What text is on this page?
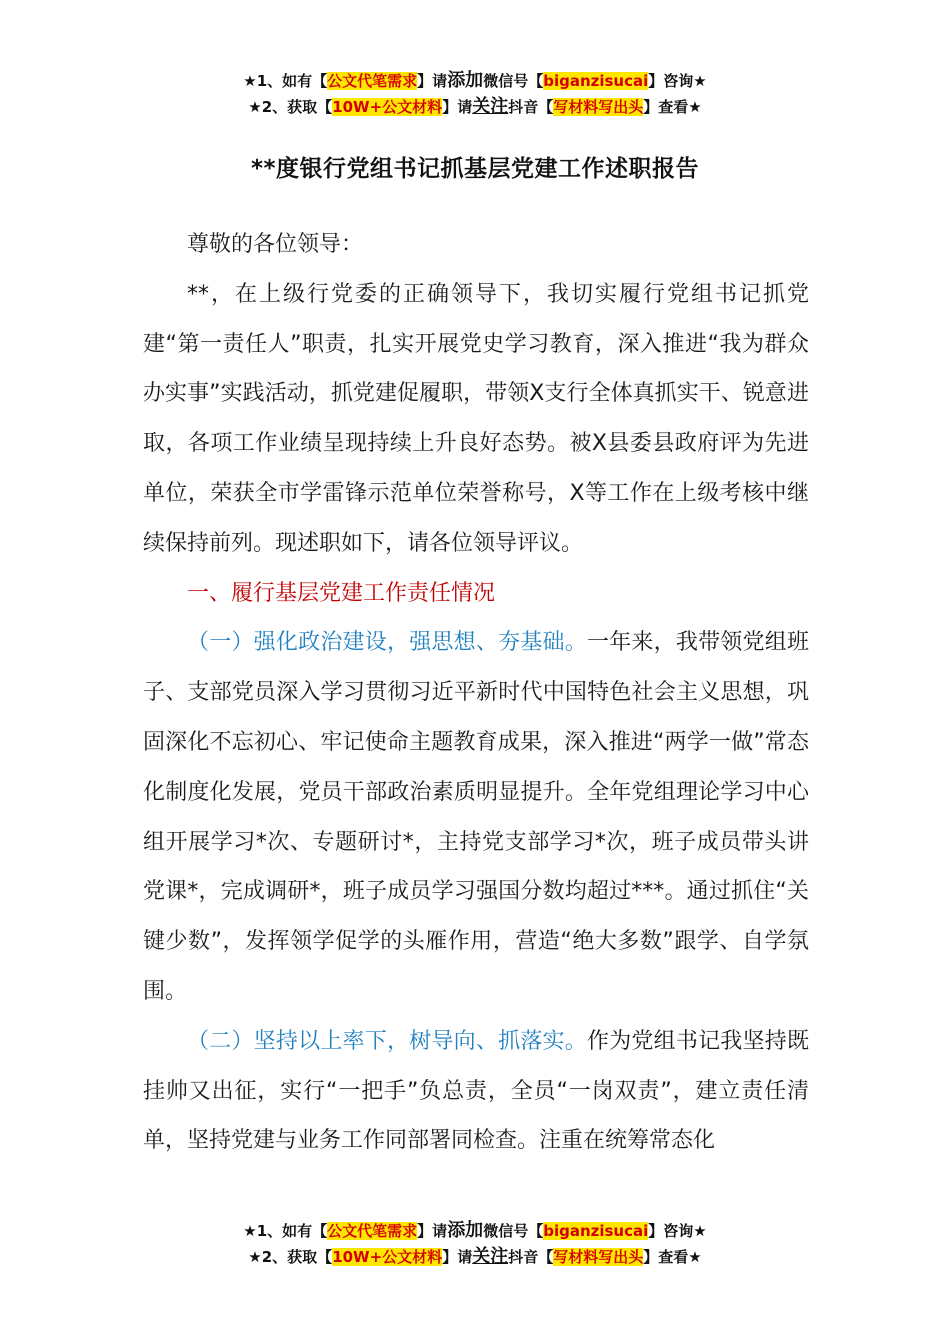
★1、如有【公文代笔需求】请添加微信号【biganzisucai】咨询★
★2、获取【10W+公文材料】请关注抖音【写材料写出头】查看★
**度银行党组书记抓基层党建工作述职报告

尊敬的各位领导：

**，在上级行党委的正确领导下，我切实履行党组书记抓党建“第一责任人”职责，扎实开展党史学习教育，深入推进“我为群众办实事”实践活动，抓党建促履职，带领X支行全体真抓实干、锐意进取，各项工作业绩呈现持续上升良好态势。被X县委县政府评为先进单位，荣获全市学雷锋示范单位荣誉称号，X等工作在上级考核中继续保持前列。现述职如下，请各位领导评议。

一、履行基层党建工作责任情况

（一）强化政治建设，强思想、夯基础。一年来，我带领党组班子、支部党员深入学习贯彻习近平新时代中国特色社会主义思想，巩固深化不忘初心、牢记使命主题教育成果，深入推进“两学一做”常态化制度化发展，党员干部政治素质明显提升。全年党组理论学习中心组开展学习*次、专题研讨*，主持党支部学习*次，班子成员带头讲党课*，完成调研*，班子成员学习强国分数均超过***。通过抓住“关键少数”，发挥领学促学的头雁作用，营造“绝大多数”跟学、自学氛围。

（二）坚持以上率下，树导向、抓落实。作为党组书记我坚持既挂帅又出征，实行“一把手”负总责，全员“一岗双责”，建立责任清单，坚持党建与业务工作同部署同检查。注重在统筹常态化

★1、如有【公文代笔需求】请添加微信号【biganzisucai】咨询★
★2、获取【10W+公文材料】请关注抖音【写材料写出头】查看★
